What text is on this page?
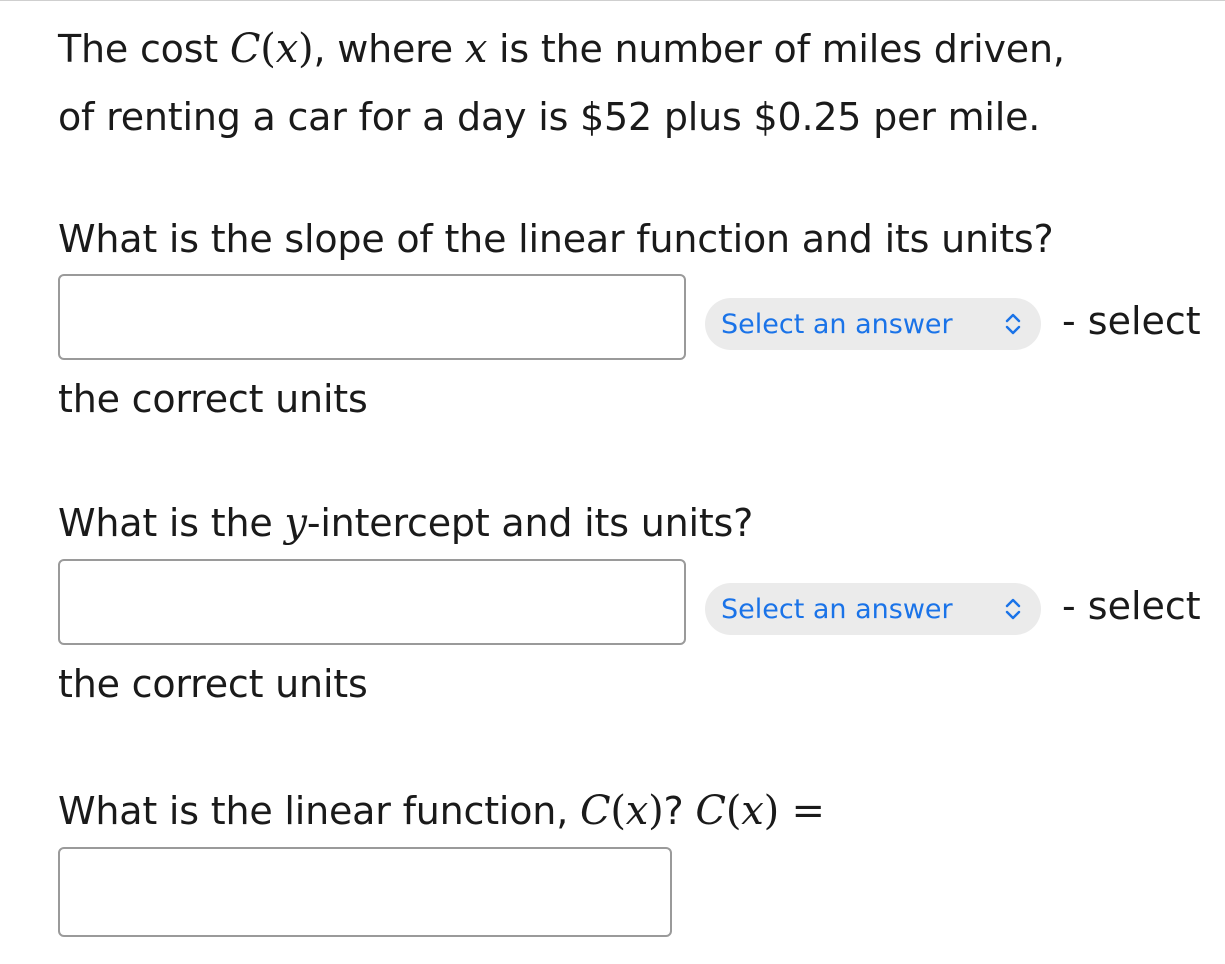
The cost C(x), where x is the number of miles driven,
of renting a car for a day is $52 plus $0.25 per mile.
What is the slope of the linear function and its units?
Select an answer	- select
the correct units
What is the y-intercept and its units?
Select an answer	- select
the correct units
What is the linear function, C(x)? C(x) =
